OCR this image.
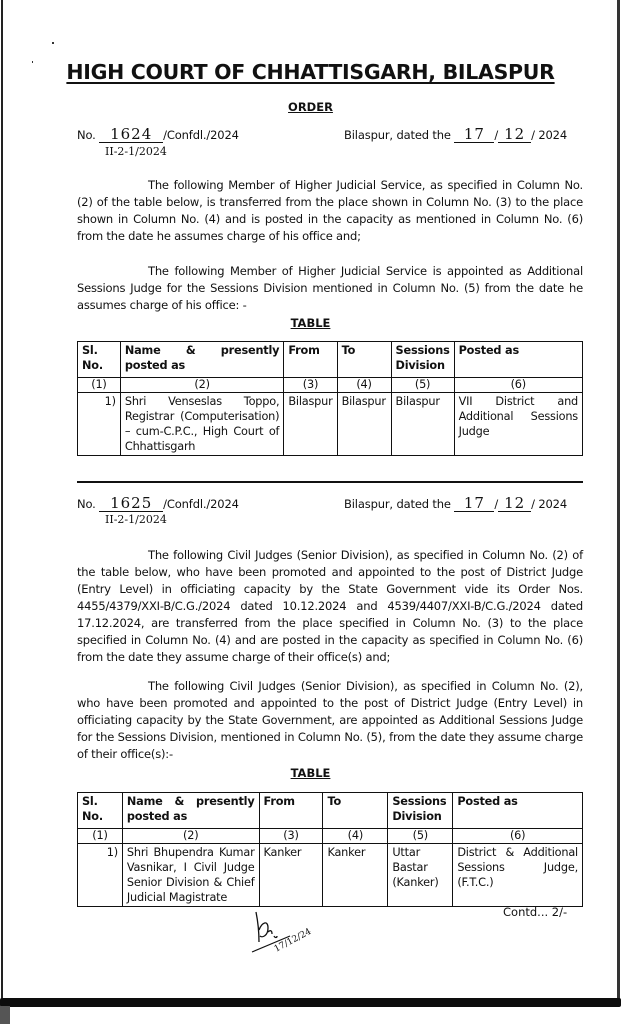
HIGH COURT OF CHHATTISGARH, BILASPUR
ORDER
No. 1624 /Confdl./2024
II-2-1/2024
Bilaspur, dated the 17 / 12 / 2024

The following Member of Higher Judicial Service, as specified in Column No. (2) of the table below, is transferred from the place shown in Column No. (3) to the place shown in Column No. (4) and is posted in the capacity as mentioned in Column No. (6) from the date he assumes charge of his office and;

The following Member of Higher Judicial Service is appointed as Additional Sessions Judge for the Sessions Division mentioned in Column No. (5) from the date he assumes charge of his office: -

TABLE
Sl. No.	Name & presently posted as	From	To	Sessions Division	Posted as
(1)	(2)	(3)	(4)	(5)	(6)
1)	Shri Venseslas Toppo, Registrar (Computerisation) – cum-C.P.C., High Court of Chhattisgarh	Bilaspur	Bilaspur	Bilaspur	VII District and Additional Sessions Judge
No. 1625 /Confdl./2024
II-2-1/2024
Bilaspur, dated the 17 / 12 / 2024

The following Civil Judges (Senior Division), as specified in Column No. (2) of the table below, who have been promoted and appointed to the post of District Judge (Entry Level) in officiating capacity by the State Government vide its Order Nos. 4455/4379/XXI-B/C.G./2024 dated 10.12.2024 and 4539/4407/XXI-B/C.G./2024 dated 17.12.2024, are transferred from the place specified in Column No. (3) to the place specified in Column No. (4) and are posted in the capacity as specified in Column No. (6) from the date they assume charge of their office(s) and;

The following Civil Judges (Senior Division), as specified in Column No. (2), who have been promoted and appointed to the post of District Judge (Entry Level) in officiating capacity by the State Government, are appointed as Additional Sessions Judge for the Sessions Division, mentioned in Column No. (5), from the date they assume charge of their office(s):-

TABLE
Sl. No.	Name & presently posted as	From	To	Sessions Division	Posted as
(1)	(2)	(3)	(4)	(5)	(6)
1)	Shri Bhupendra Kumar Vasnikar, I Civil Judge Senior Division & Chief Judicial Magistrate	Kanker	Kanker	Uttar Bastar (Kanker)	District & Additional Sessions Judge, (F.T.C.)
Contd... 2/-
17/12/24
